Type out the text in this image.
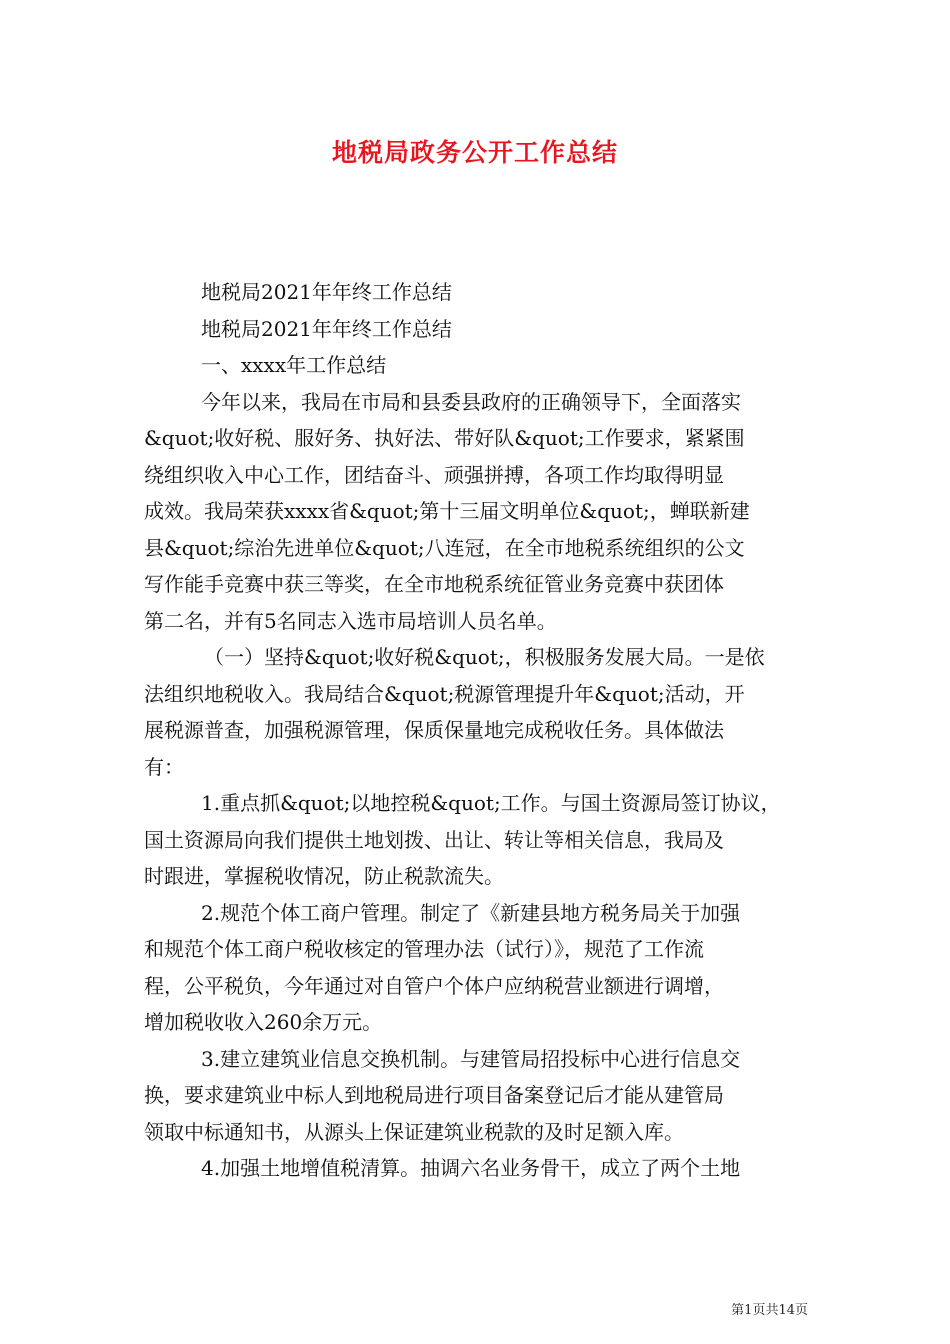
地税局政务公开工作总结

地税局2021年年终工作总结

地税局2021年年终工作总结

一、xxxx年工作总结

今年以来，我局在市局和县委县政府的正确领导下，全面落实

&quot;收好税、服好务、执好法、带好队&quot;工作要求，紧紧围

绕组织收入中心工作，团结奋斗、顽强拼搏，各项工作均取得明显

成效。我局荣获xxxx省&quot;第十三届文明单位&quot;，蝉联新建

县&quot;综治先进单位&quot;八连冠，在全市地税系统组织的公文

写作能手竞赛中获三等奖，在全市地税系统征管业务竞赛中获团体

第二名，并有5名同志入选市局培训人员名单。

（一）坚持&quot;收好税&quot;，积极服务发展大局。一是依

法组织地税收入。我局结合&quot;税源管理提升年&quot;活动，开

展税源普查，加强税源管理，保质保量地完成税收任务。具体做法

有：

1.重点抓&quot;以地控税&quot;工作。与国土资源局签订协议，

国土资源局向我们提供土地划拨、出让、转让等相关信息，我局及

时跟进，掌握税收情况，防止税款流失。

2.规范个体工商户管理。制定了《新建县地方税务局关于加强

和规范个体工商户税收核定的管理办法（试行）》，规范了工作流

程，公平税负，今年通过对自管户个体户应纳税营业额进行调增，

增加税收收入260余万元。

3.建立建筑业信息交换机制。与建管局招投标中心进行信息交

换，要求建筑业中标人到地税局进行项目备案登记后才能从建管局

领取中标通知书，从源头上保证建筑业税款的及时足额入库。

4.加强土地增值税清算。抽调六名业务骨干，成立了两个土地

第1页共14页
